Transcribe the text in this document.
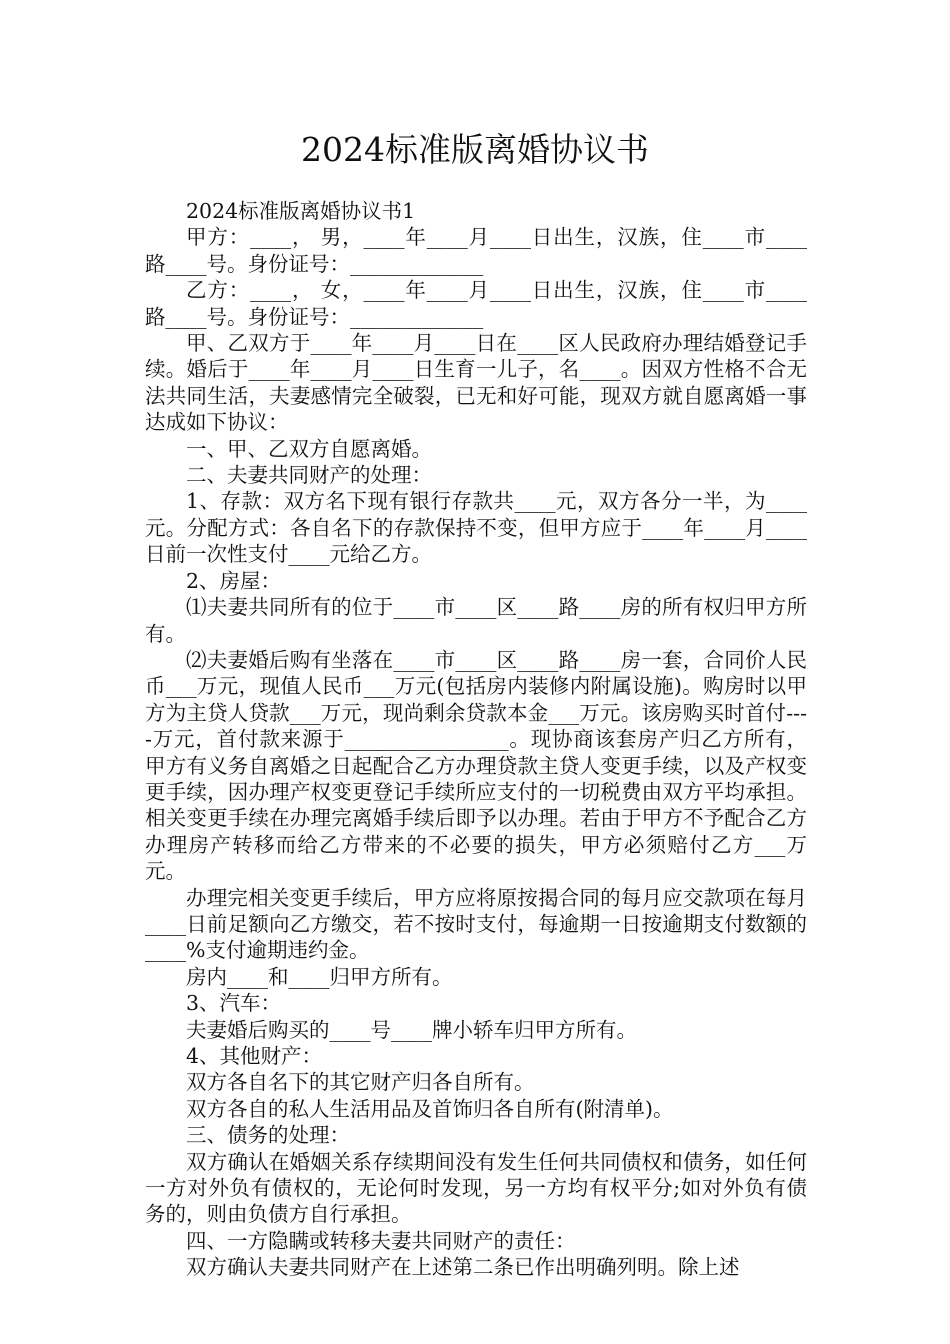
2024标准版离婚协议书

2024标准版离婚协议书1

甲方：____， 男，____年____月____日出生，汉族，住____市____路____号。身份证号：_____________

乙方：____， 女，____年____月____日出生，汉族，住____市____路____号。身份证号：_____________

甲、乙双方于____年____月____日在____区人民政府办理结婚登记手续。婚后于____年____月____日生育一儿子，名____。因双方性格不合无法共同生活，夫妻感情完全破裂，已无和好可能，现双方就自愿离婚一事达成如下协议：

一、甲、乙双方自愿离婚。

二、夫妻共同财产的处理：

1、存款：双方名下现有银行存款共____元，双方各分一半，为____元。分配方式：各自名下的存款保持不变，但甲方应于____年____月____日前一次性支付____元给乙方。

2、房屋：

⑴夫妻共同所有的位于____市____区____路____房的所有权归甲方所有。

⑵夫妻婚后购有坐落在____市____区____路____房一套，合同价人民币___万元，现值人民币___万元(包括房内装修内附属设施)。购房时以甲方为主贷人贷款___万元，现尚剩余贷款本金___万元。该房购买时首付----万元，首付款来源于________________。现协商该套房产归乙方所有，甲方有义务自离婚之日起配合乙方办理贷款主贷人变更手续，以及产权变更手续，因办理产权变更登记手续所应支付的一切税费由双方平均承担。相关变更手续在办理完离婚手续后即予以办理。若由于甲方不予配合乙方办理房产转移而给乙方带来的不必要的损失，甲方必须赔付乙方___万元。

办理完相关变更手续后，甲方应将原按揭合同的每月应交款项在每月____日前足额向乙方缴交，若不按时支付，每逾期一日按逾期支付数额的____%支付逾期违约金。

房内____和____归甲方所有。

3、汽车：

夫妻婚后购买的____号____牌小轿车归甲方所有。

4、其他财产：

双方各自名下的其它财产归各自所有。

双方各自的私人生活用品及首饰归各自所有(附清单)。

三、债务的处理：

双方确认在婚姻关系存续期间没有发生任何共同债权和债务，如任何一方对外负有债权的，无论何时发现，另一方均有权平分;如对外负有债务的，则由负债方自行承担。

四、一方隐瞒或转移夫妻共同财产的责任：

双方确认夫妻共同财产在上述第二条已作出明确列明。除上述
